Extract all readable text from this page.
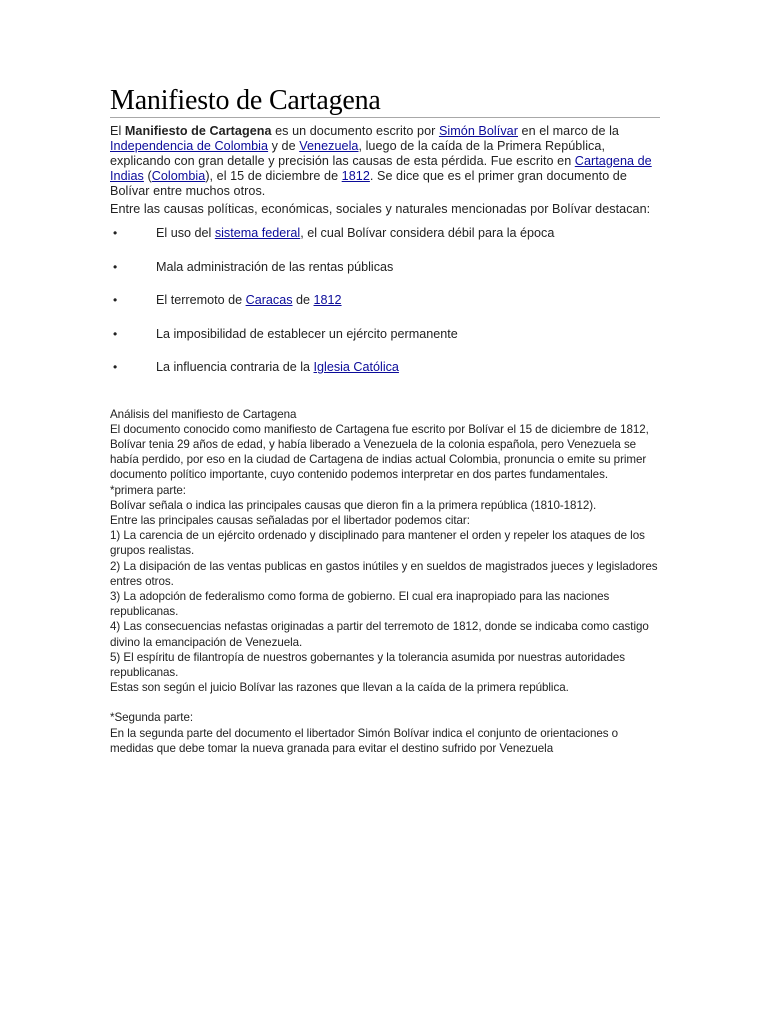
Manifiesto de Cartagena
El Manifiesto de Cartagena es un documento escrito por Simón Bolívar en el marco de la Independencia de Colombia y de Venezuela, luego de la caída de la Primera República, explicando con gran detalle y precisión las causas de esta pérdida. Fue escrito en Cartagena de Indias (Colombia), el 15 de diciembre de 1812. Se dice que es el primer gran documento de Bolívar entre muchos otros.
Entre las causas políticas, económicas, sociales y naturales mencionadas por Bolívar destacan:
•	El uso del sistema federal, el cual Bolívar considera débil para la época
•	Mala administración de las rentas públicas
•	El terremoto de Caracas de 1812
•	La imposibilidad de establecer un ejército permanente
•	La influencia contraria de la Iglesia Católica
Análisis del manifiesto de Cartagena
El documento conocido como manifiesto de Cartagena fue escrito por Bolívar el 15 de diciembre de 1812, Bolívar tenia 29 años de edad, y había liberado a Venezuela de la colonia española, pero Venezuela se había perdido, por eso en la ciudad de Cartagena de indias actual Colombia, pronuncia o emite su primer documento político importante, cuyo contenido podemos interpretar en dos partes fundamentales.
*primera parte:
Bolívar señala o indica las principales causas que dieron fin a la primera república (1810-1812).
Entre las principales causas señaladas por el libertador podemos citar:
1) La carencia de un ejército ordenado y disciplinado para mantener el orden y repeler los ataques de los grupos realistas.
2) La disipación de las ventas publicas en gastos inútiles y en sueldos de magistrados jueces y legisladores entres otros.
3) La adopción de federalismo como forma de gobierno. El cual era inapropiado para las naciones republicanas.
4) Las consecuencias nefastas originadas a partir del terremoto de 1812, donde se indicaba como castigo divino la emancipación de Venezuela.
5) El espíritu de filantropía de nuestros gobernantes y la tolerancia asumida por nuestras autoridades republicanas.
Estas son según el juicio Bolívar las razones que llevan a la caída de la primera república.
*Segunda parte:
En la segunda parte del documento el libertador Simón Bolívar indica el conjunto de orientaciones o medidas que debe tomar la nueva granada para evitar el destino sufrido por Venezuela
